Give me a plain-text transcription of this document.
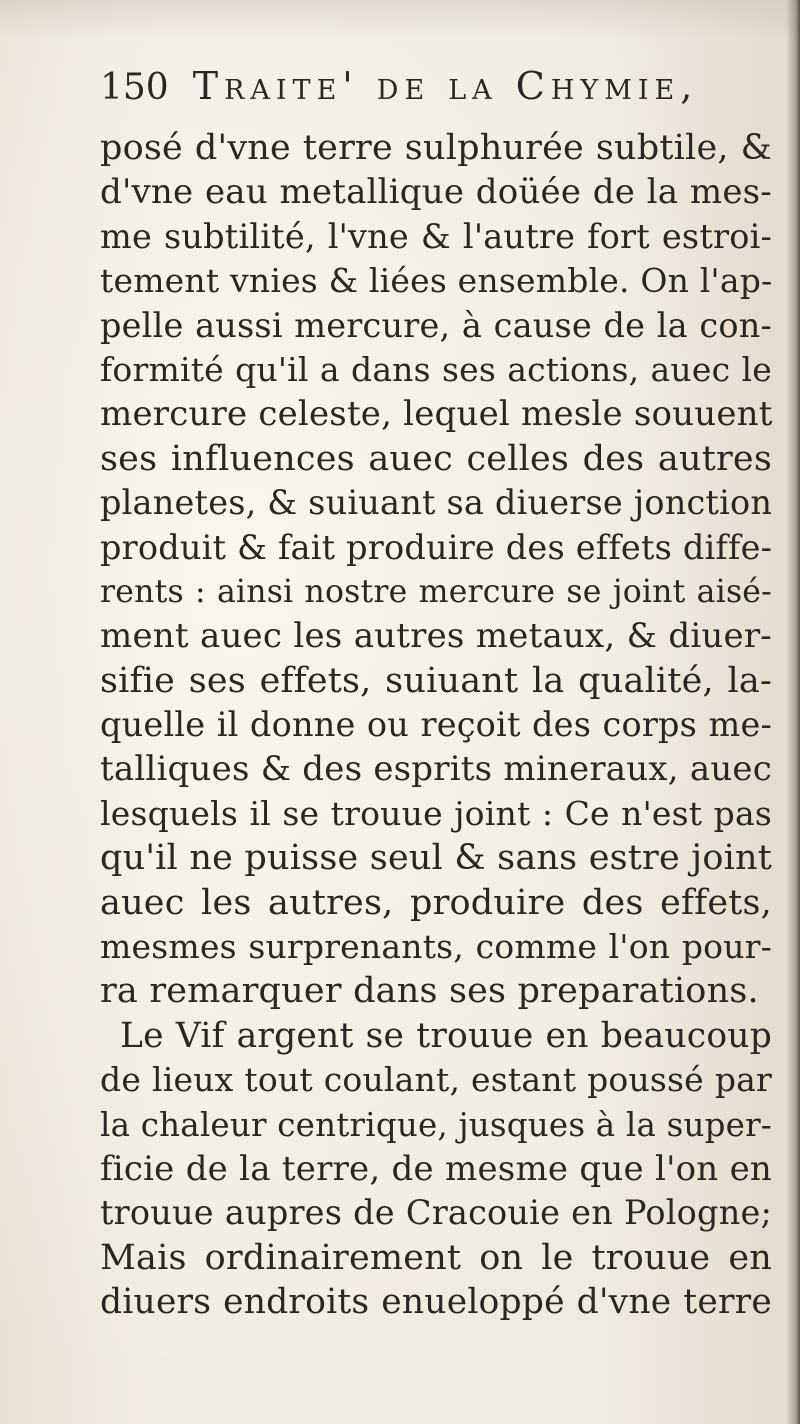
150 Traite' de la Chymie,
posé d'vne terre sulphurée subtile, &
d'vne eau metallique doüée de la mes-
me subtilité, l'vne & l'autre fort estroi-
tement vnies & liées ensemble. On l'ap-
pelle aussi mercure, à cause de la con-
formité qu'il a dans ses actions, auec le
mercure celeste, lequel mesle souuent
ses influences auec celles des autres
planetes, & suiuant sa diuerse jonction
produit & fait produire des effets diffe-
rents : ainsi nostre mercure se joint aisé-
ment auec les autres metaux, & diuer-
sifie ses effets, suiuant la qualité, la-
quelle il donne ou reçoit des corps me-
talliques & des esprits mineraux, auec
lesquels il se trouue joint : Ce n'est pas
qu'il ne puisse seul & sans estre joint
auec les autres, produire des effets,
mesmes surprenants, comme l'on pour-
ra remarquer dans ses preparations.
Le Vif argent se trouue en beaucoup
de lieux tout coulant, estant poussé par
la chaleur centrique, jusques à la super-
ficie de la terre, de mesme que l'on en
trouue aupres de Cracouie en Pologne;
Mais ordinairement on le trouue en
diuers endroits enueloppé d'vne terre
